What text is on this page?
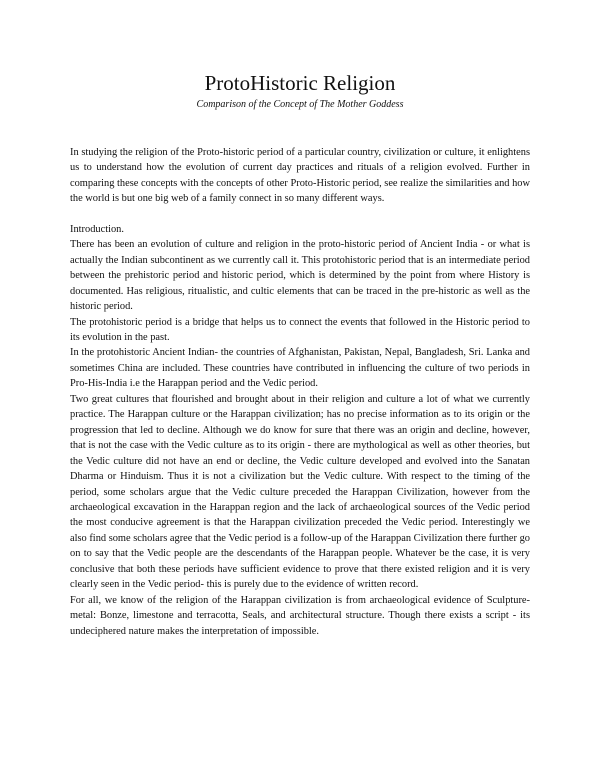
ProtoHistoric Religion
Comparison of the Concept of The Mother Goddess

In studying the religion of the Proto-historic period of a particular country, civilization or culture, it enlightens us to understand how the evolution of current day practices and rituals of a religion evolved. Further in comparing these concepts with the concepts of other Proto-Historic period, see realize the similarities and how the world is but one big web of a family connect in so many different ways.

Introduction.

There has been an evolution of culture and religion in the proto-historic period of Ancient India - or what is actually the Indian subcontinent as we currently call it. This protohistoric period that is an intermediate period between the prehistoric period and historic period, which is determined by the point from where History is documented. Has religious, ritualistic, and cultic elements that can be traced in the pre-historic as well as the historic period.

The protohistoric period is a bridge that helps us to connect the events that followed in the Historic period to its evolution in the past.

In the protohistoric Ancient Indian- the countries of Afghanistan, Pakistan, Nepal, Bangladesh, Sri. Lanka and sometimes China are included. These countries have contributed in influencing the culture of two periods in Pro-His-India i.e the Harappan period and the Vedic period.

Two great cultures that flourished and brought about in their religion and culture a lot of what we currently practice. The Harappan culture or the Harappan civilization; has no precise information as to its origin or the progression that led to decline. Although we do know for sure that there was an origin and decline, however, that is not the case with the Vedic culture as to its origin - there are mythological as well as other theories, but the Vedic culture did not have an end or decline, the Vedic culture developed and evolved into the Sanatan Dharma or Hinduism. Thus it is not a civilization but the Vedic culture. With respect to the timing of the period, some scholars argue that the Vedic culture preceded the Harappan Civilization, however from the archaeological excavation in the Harappan region and the lack of archaeological sources of the Vedic period the most conducive agreement is that the Harappan civilization preceded the Vedic period. Interestingly we also find some scholars agree that the Vedic period is a follow-up of the Harappan Civilization there further go on to say that the Vedic people are the descendants of the Harappan people. Whatever be the case, it is very conclusive that both these periods have sufficient evidence to prove that there existed religion and it is very clearly seen in the Vedic period- this is purely due to the evidence of written record.

For all, we know of the religion of the Harappan civilization is from archaeological evidence of Sculpture- metal: Bonze, limestone and terracotta, Seals, and architectural structure. Though there exists a script - its undeciphered nature makes the interpretation of impossible.
